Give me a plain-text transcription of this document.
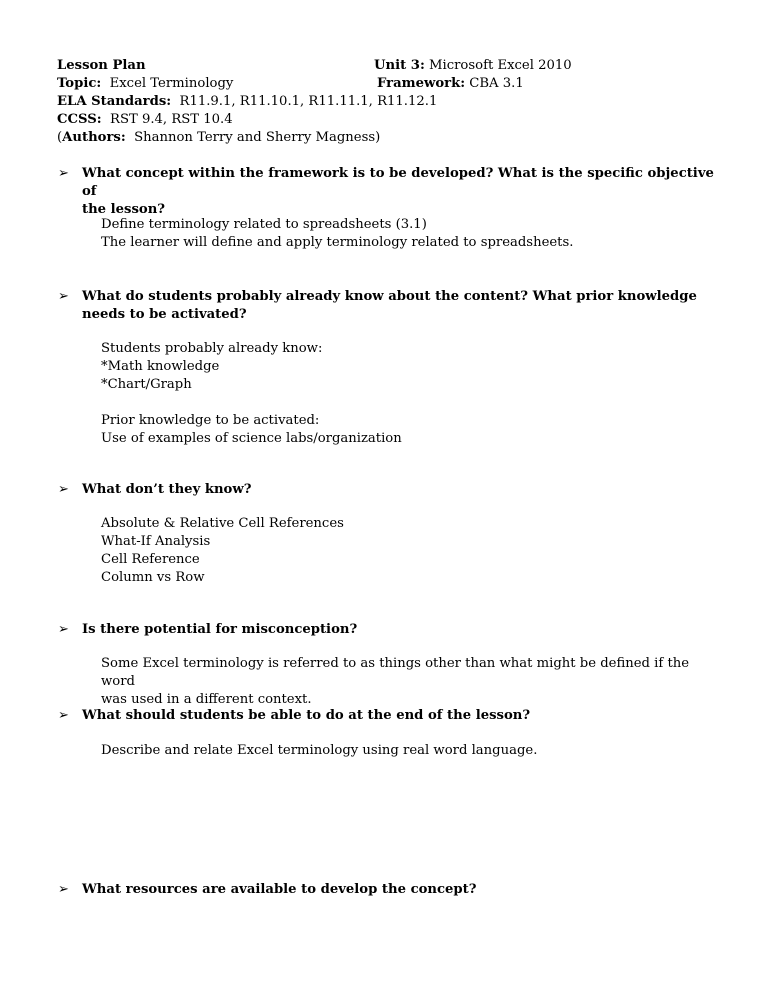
Lesson Plan	Unit 3: Microsoft Excel 2010
Topic:  Excel Terminology	Framework: CBA 3.1
ELA Standards:  R11.9.1, R11.10.1, R11.11.1, R11.12.1
CCSS:  RST 9.4, RST 10.4
(Authors:  Shannon Terry and Sherry Magness)
➢ What concept within the framework is to be developed? What is the specific objective of
the lesson?
Define terminology related to spreadsheets (3.1)
The learner will define and apply terminology related to spreadsheets.
➢ What do students probably already know about the content? What prior knowledge
needs to be activated?
Students probably already know:
*Math knowledge
*Chart/Graph
Prior knowledge to be activated:
Use of examples of science labs/organization
➢ What don’t they know?
Absolute & Relative Cell References
What-If Analysis
Cell Reference
Column vs Row
➢ Is there potential for misconception?
Some Excel terminology is referred to as things other than what might be defined if the word
was used in a different context.
➢ What should students be able to do at the end of the lesson?
Describe and relate Excel terminology using real word language.
➢ What resources are available to develop the concept?
